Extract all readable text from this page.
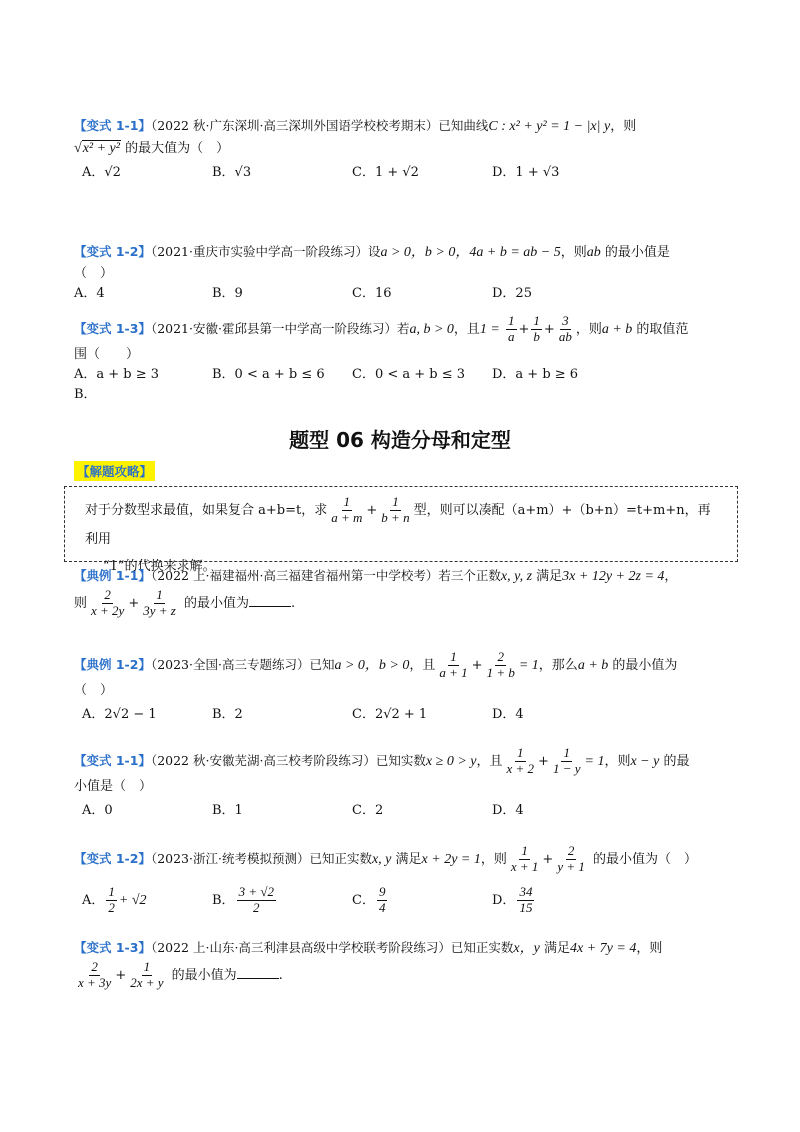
【变式 1-1】（2022 秋·广东深圳·高三深圳外国语学校校考期末）已知曲线C : x² + y² = 1 − |x| y，则
√x² + y² 的最大值为（　）
A．√2	B．√3	C．1 + √2	D．1 + √3
【变式 1-2】（2021·重庆市实验中学高一阶段练习）设a > 0，b > 0，4a + b = ab − 5，则ab 的最小值是
（　）
A．4	B．9	C．16	D．25
【变式 1-3】（2021·安徽·霍邱县第一中学高一阶段练习）若a, b > 0，且$1 = \frac{1}{a} + \frac{1}{b} + \frac{3}{ab}$ ，则a + b 的取值范
围（　　）
A．a + b ≥ 3	B．0 < a + b ≤ 6 C．0 < a + b ≤ 3 D．a + b ≥ 6
B．
题型 06 构造分母和定型
【解题攻略】
对于分数型求最值，如果复合 a+b=t，求 $\frac{1}{a + m} + \frac{1}{b + n}$ 型，则可以凑配（a+m）+（b+n）=t+m+n，再利用
“1”的代换来求解。
【典例 1-1】（2022 上·福建福州·高三福建省福州第一中学校考）若三个正数x, y, z 满足3x + 12y + 2z = 4，
则 $\frac{2}{x + 2y} + \frac{1}{3y + z}$ 的最小值为	.
【典例 1-2】（2023·全国·高三专题练习）已知a > 0，b > 0，且 $\frac{1}{a + 1} + \frac{2}{1 + b} = 1$，那么a + b 的最小值为
（　）
A．2√2 − 1	B．2	C．2√2 + 1	D．4
【变式 1-1】（2022 秋·安徽芜湖·高三校考阶段练习）已知实数x ≥ 0 > y，且 $\frac{1}{x + 2} + \frac{1}{1 - y} = 1$，则x − y 的最
小值是（　）
A．0	B．1	C．2	D．4
【变式 1-2】（2023·浙江·统考模拟预测）已知正实数x, y 满足x + 2y = 1，则 $\frac{1}{x + 1} + \frac{2}{y + 1}$ 的最小值为（　）
A． $\frac{1}{2} + √2$	B． $\frac{3 + √2}{2}$	C． $\frac{9}{4}$	D． $\frac{34}{15}$
【变式 1-3】（2022 上·山东·高三利津县高级中学校联考阶段练习）已知正实数x，y 满足4x + 7y = 4，则
$\frac{2}{x + 3y} + \frac{1}{2x + y}$ 的最小值为	.
